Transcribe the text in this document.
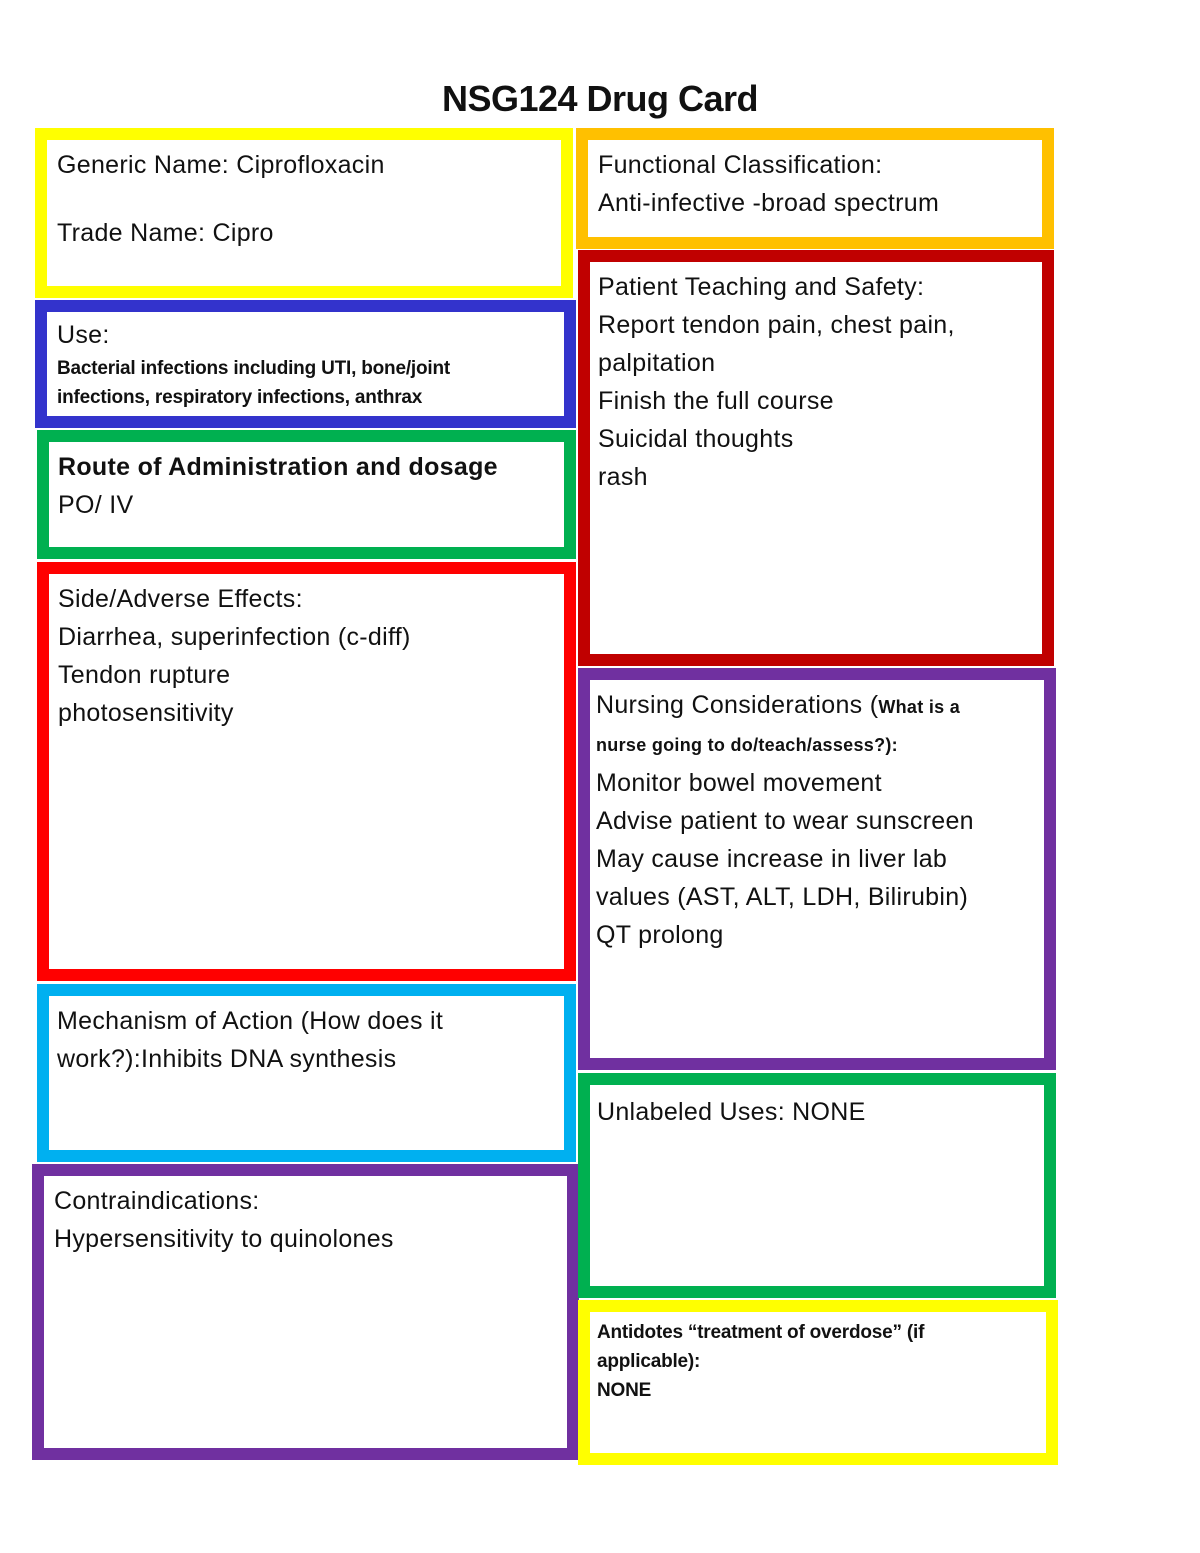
NSG124 Drug Card
Generic Name: Ciprofloxacin
Trade Name: Cipro
Use:
Bacterial infections including UTI, bone/joint
infections, respiratory infections, anthrax
Route of Administration and dosage
PO/ IV
Side/Adverse Effects:
Diarrhea, superinfection (c-diff)
Tendon rupture
photosensitivity
Mechanism of Action (How does it
work?):Inhibits DNA synthesis
Contraindications:
Hypersensitivity to quinolones
Functional Classification:
Anti-infective -broad spectrum
Patient Teaching and Safety:
Report tendon pain, chest pain,
palpitation
Finish the full course
Suicidal thoughts
rash
Nursing Considerations (What is a
nurse going to do/teach/assess?):
Monitor bowel movement
Advise patient to wear sunscreen
May cause increase in liver lab
values (AST, ALT, LDH, Bilirubin)
QT prolong
Unlabeled Uses: NONE
Antidotes “treatment of overdose” (if
applicable):
NONE
